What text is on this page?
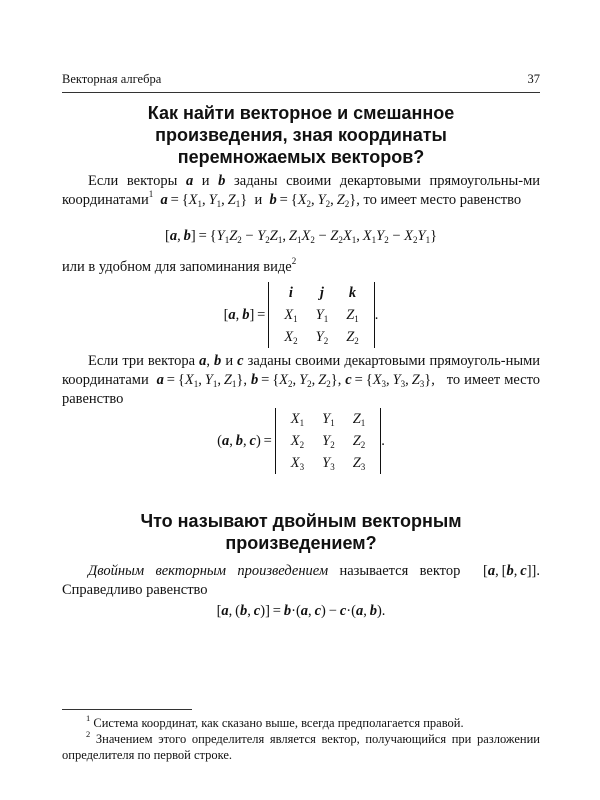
Векторная алгебра	37
Как найти векторное и смешанное
произведения, зная координаты
перемножаемых векторов?
Если векторы a и b заданы своими декартовыми прямоугольны-ми координатами$^1$ $a = \{X_1$, $Y_1$, $Z_1$}  и  $b = \{X_2$, $Y_2$, $Z_2$}, то имеет место равенство
[a, $b] = \{Y_1Z_2 - Y_2Z_1$, $Z_1X_2 - Z_2X_1$, $X_1Y_2 - X_2Y_1$}
или в удобном для запоминания виде$^2$
[a, b] = 
i	j	k
$X_1$	$Y_1$	$Z_1$
$X_2$	$Y_2$	$Z_2$
.
Если три вектора a, b и c заданы своими декартовыми прямоуголь-ными координатами $a = \{X_1$, $Y_1$, $Z_1$}, $b = \{X_2$, $Y_2$, $Z_2$}, $c = \{X_3$, $Y_3$, $Z_3$},   то имеет место равенство
(a, b, c) = 
$X_1$	$Y_1$	$Z_1$
$X_2$	$Y_2$	$Z_2$
$X_3$	$Y_3$	$Z_3$
.
Что называют двойным векторным
произведением?
Двойным векторным произведением называется вектор  [a, [b, c]]. Справедливо равенство
[a, (b, c)] = b·(a, c) − c·(a, b).
$^1$ Система координат, как сказано выше, всегда предполагается правой.
$^2$ Значением этого определителя является вектор, получающийся при разложении определителя по первой строке.
